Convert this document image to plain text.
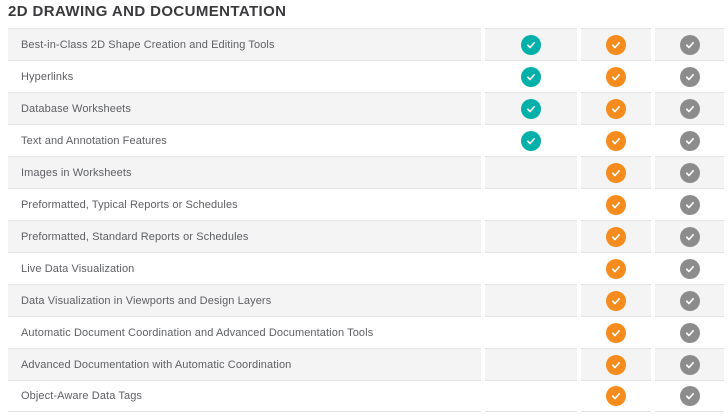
2D DRAWING AND DOCUMENTATION
Best-in-Class 2D Shape Creation and Editing Tools
Hyperlinks
Database Worksheets
Text and Annotation Features
Images in Worksheets
Preformatted, Typical Reports or Schedules
Preformatted, Standard Reports or Schedules
Live Data Visualization
Data Visualization in Viewports and Design Layers
Automatic Document Coordination and Advanced Documentation Tools
Advanced Documentation with Automatic Coordination
Object-Aware Data Tags
